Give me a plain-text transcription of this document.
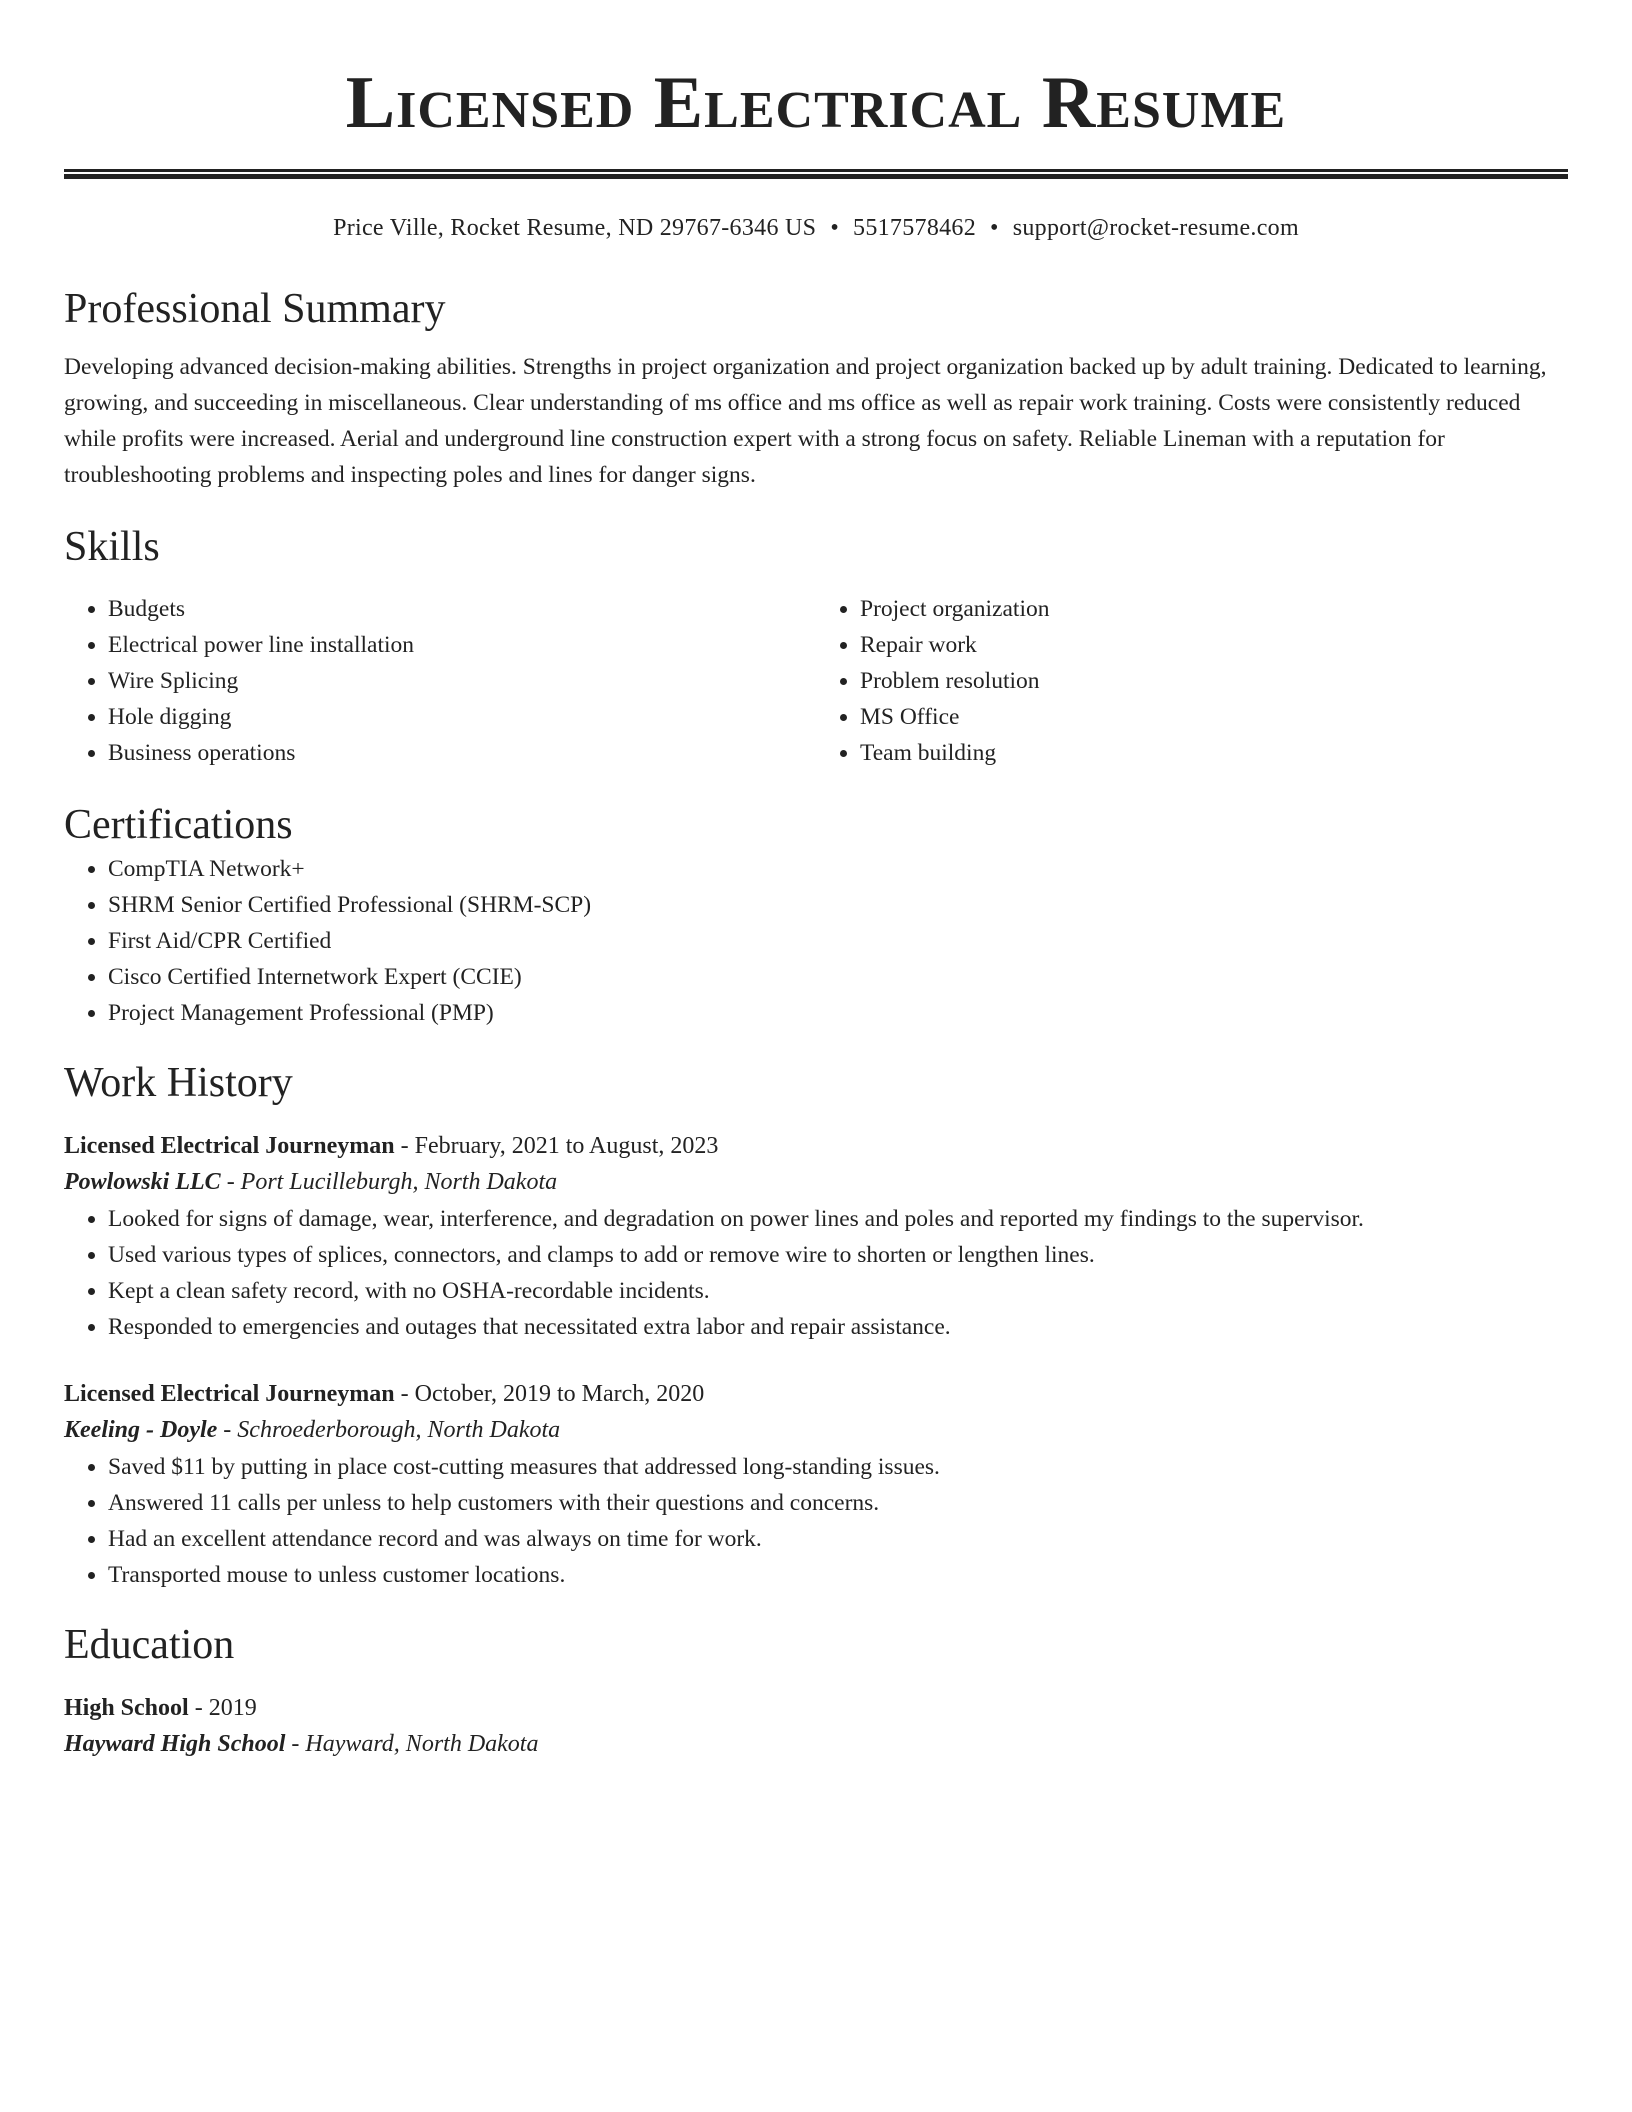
Licensed Electrical Resume
Price Ville, Rocket Resume, ND 29767-6346 US • 5517578462 • support@rocket-resume.com
Professional Summary

Developing advanced decision-making abilities. Strengths in project organization and project organization backed up by adult training. Dedicated to learning, growing, and succeeding in miscellaneous. Clear understanding of ms office and ms office as well as repair work training. Costs were consistently reduced while profits were increased. Aerial and underground line construction expert with a strong focus on safety. Reliable Lineman with a reputation for troubleshooting problems and inspecting poles and lines for danger signs.

Skills
• Budgets
• Electrical power line installation
• Wire Splicing
• Hole digging
• Business operations
• Project organization
• Repair work
• Problem resolution
• MS Office
• Team building
Certifications
• CompTIA Network+
• SHRM Senior Certified Professional (SHRM-SCP)
• First Aid/CPR Certified
• Cisco Certified Internetwork Expert (CCIE)
• Project Management Professional (PMP)
Work History
Licensed Electrical Journeyman - February, 2021 to August, 2023
Powlowski LLC - Port Lucilleburgh, North Dakota
• Looked for signs of damage, wear, interference, and degradation on power lines and poles and reported my findings to the supervisor.
• Used various types of splices, connectors, and clamps to add or remove wire to shorten or lengthen lines.
• Kept a clean safety record, with no OSHA-recordable incidents.
• Responded to emergencies and outages that necessitated extra labor and repair assistance.
Licensed Electrical Journeyman - October, 2019 to March, 2020
Keeling - Doyle - Schroederborough, North Dakota
• Saved $11 by putting in place cost-cutting measures that addressed long-standing issues.
• Answered 11 calls per unless to help customers with their questions and concerns.
• Had an excellent attendance record and was always on time for work.
• Transported mouse to unless customer locations.
Education
High School - 2019
Hayward High School - Hayward, North Dakota
